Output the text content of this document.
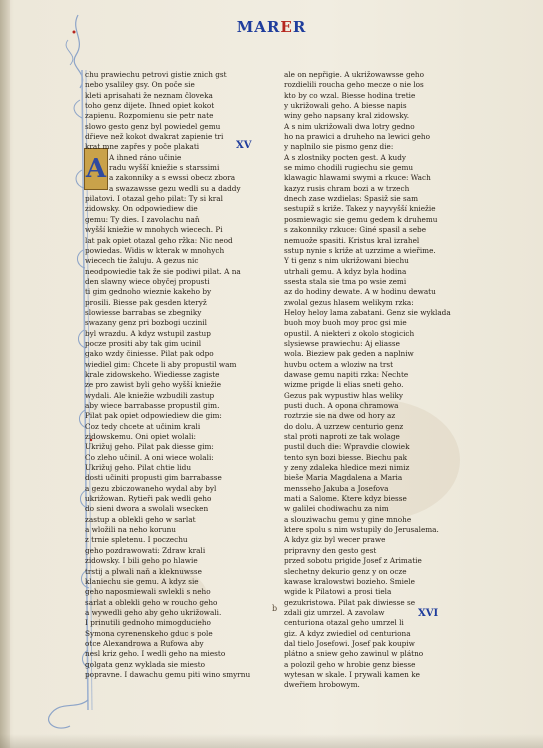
MARER
XV
XVI
A
chu prawiechu petrovi gistie znich gst
nebo ysaliley gsy. On poče sie
kleti aprisahati že neznam človeka
toho genz dijete. Ihned opiet kokot
zapienu. Rozpomienu sie petr nate
slowo gesto genz byl powiedel gemu
dřieve než kokot dwakrat zapienie tri
krat mne zapřes y poče plakati
A ihned ráno učinie
radu wyšší kniežie s starssimi
a zakonniky a s ewssi obecz zbora
a swazawsse gezu wedli su a daddy
pilatovi. I otazal geho pilat: Ty si kral
zidowsky. On odpowiediew die
gemu: Ty dies. I zavolachu naň
wyšší kniežie w mnohych wiecech. Pi
lat pak opiet otazal geho ržka: Nic neod
powiedas. Widis w kterak w mnohych
wiecech tie žaluju. A gezus nic
neodpowiedie tak že sie podiwi pilat. A na
den slawny wiece obyčej propusti
ti gim gednoho wieznie kakeho by
prosili. Biesse pak gesden kteryž
slowiesse barrabas se zbegniky
swazany genz pri bozbogi uczinil
byl wrazdu. A kdyz wstupil zastup
pocze prositi aby tak gim ucinil
gako wzdy činiesse. Pilat pak odpo
wiediel gim: Chcete li aby propustil wam
krale zidowskeho. Wiediesse zagiste
ze pro zawist byli geho wyšší kniežie
wydali. Ale kniežie wzbudili zastup
aby wiece barrabasse propustil gim.
Pilat pak opiet odpowiediew die gim:
Coz tedy chcete at učinim krali
zidowskemu. Oni opiet wolali:
Ukrižuj geho. Pilat pak diesse gim:
Co zleho učinil. A oni wiece wolali:
Ukrižuj geho. Pilat chtie lidu
dosti učiniti propusti gim barrabasse
a gezu zbiczowaneho wydal aby byl
ukrižowan. Rytieři pak wedli geho
do sieni dwora a swolali wsecken
zastup a oblekli geho w sarlat
a wložili na neho korunu
z trnie spletenu. I poczechu
geho pozdrawowati: Zdraw krali
zidowsky. I bili geho po hlawie
trstij a plwali naň a kleknuwsse
klaniechu sie gemu. A kdyz sie
geho naposmiewali swlekli s neho
sarlat a oblekli geho w roucho geho
a wywedli geho aby geho ukrižowali.
I prinutili gednoho mimogducieho
Symona cyrenenskeho gduc s pole
otce Alexandrowa a Rufowa aby
nesl kriz geho. I wedli geho na miesto
golgata genz wyklada sie miesto
popravne. I dawachu gemu piti wino smyrnu
ale on nepřigie. A ukrižowawsse geho
rozdielili roucha geho mecze o nie los
kto by co wzal. Biesse hodina tretie
y ukrižowali geho. A biesse napis
winy geho napsany kral zidowsky.
A s nim ukrižowali dwa lotry gedno
ho na prawici a druheho na lewici geho
y naplnilo sie pismo genz die:
A s zlostniky pocten gest. A kudy
se mimo chodili rugiechu sie gemu
klawagic hlawami swymi a rkuce: Wach
kazyz rusis chram bozi a w trzech
dnech zase wzdielas: Spasiž sie sam
sestupiž s križe. Takez y nayvyšší kniežie
posmiewagic sie gemu gedem k druhemu
s zakonniky rzkuce: Giné spasil a sebe
nemuože spasiti. Kristus kral izrahel
sstup nynie s križe at uzrzime a wieřime.
Y ti genz s nim ukrižowani biechu
utrhali gemu. A kdyz byla hodina
ssesta stala sie tma po wsie zemi
az do hodiny dewate. A w hodinu dewatu
zwolal gezus hlasem welikym rzka:
Heloy heloy lama zabatani. Genz sie wyklada
buoh moy buoh moy proc gsi mie
opustil. A niekteri z okolo stogicich
slysiewse prawiechu: Aj eliasse
wola. Bieziew pak geden a naplniw
huvbu octem a wloziw na trst
dawase gemu napiti rzka: Nechte
wizme prigde li elias sneti geho.
Gezus pak wypustiw hlas weliky
pusti duch. A opona chramowa
roztrzie sie na dwe od hory az
do dolu. A uzrzew centurio genz
stal proti naproti ze tak wolage
pustil duch die: Wpravdie clowiek
tento syn bozi biesse. Biechu pak
y zeny zdaleka hledice mezi nimiz
bieše Maria Magdalena a Maria
mensseho Jakuba a Josefova
mati a Salome. Ktere kdyz biesse
w galilei chodiwachu za nim
a slouziwachu gemu y gine mnohe
ktere spolu s nim wstupily do Jerusalema.
A kdyz giz byl wecer prawe
pripravny den gesto gest
przed sobotu prigide Josef z Arimatie
slechetny dekurio genz y on ocze
kawase kralowstwi bozieho. Smiele
wgide k Pilatowi a prosi tiela
gezukristowa. Pilat pak diwiesse se
zdali giz umrzel. A zavolaw
centuriona otazal geho umrzel li
giz. A kdyz zwiediel od centuriona
dal tielo Josefowi. Josef pak koupiw
plátno a sniew geho zawinul w plátno
a polozil geho w hrobie genz biesse
wytesan w skale. I prywali kamen ke
dweřiem hrobowym.
b
